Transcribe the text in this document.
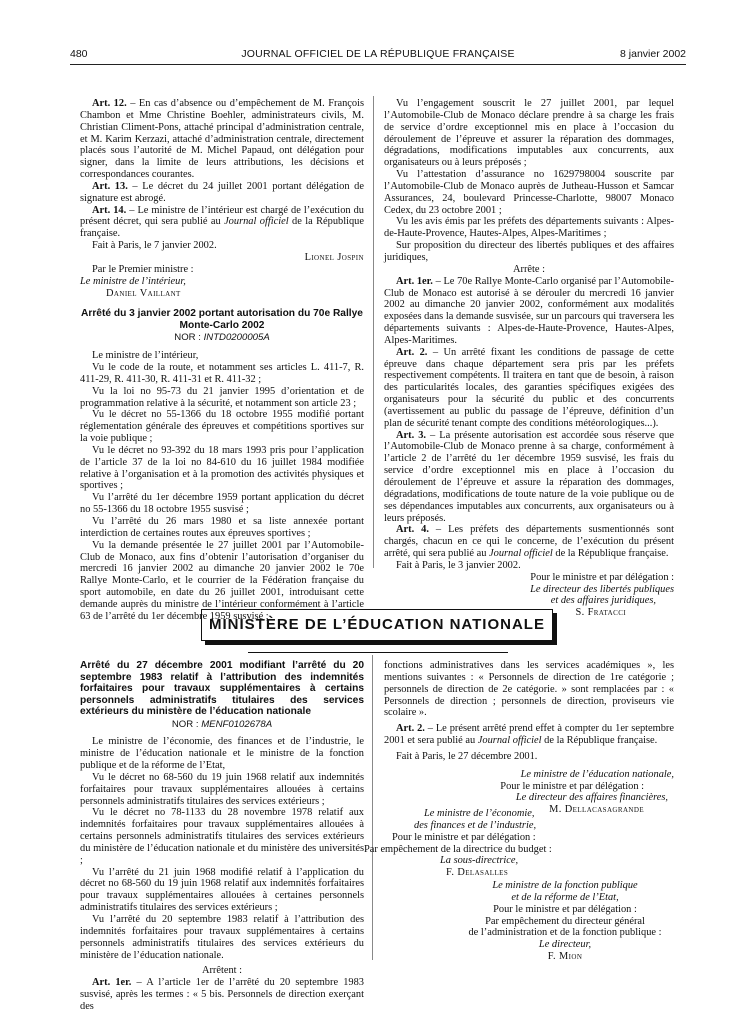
480	JOURNAL OFFICIEL DE LA RÉPUBLIQUE FRANÇAISE	8 janvier 2002

Art. 12. – En cas d’absence ou d’empêchement de M. François Chambon et Mme Christine Boehler, administrateurs civils, M. Christian Climent-Pons, attaché principal d’administration centrale, et M. Karim Kerzazi, attaché d’administration centrale, directement placés sous l’autorité de M. Michel Papaud, ont délégation pour signer, dans la limite de leurs attributions, les décisions et correspondances courantes.

Art. 13. – Le décret du 24 juillet 2001 portant délégation de signature est abrogé.

Art. 14. – Le ministre de l’intérieur est chargé de l’exécution du présent décret, qui sera publié au Journal officiel de la République française.

Fait à Paris, le 7 janvier 2002.

Lionel Jospin

Par le Premier ministre :

Le ministre de l’intérieur,

Daniel Vaillant

Arrêté du 3 janvier 2002 portant autorisation du 70e Rallye Monte-Carlo 2002
NOR : INTD0200005A

Le ministre de l’intérieur,

Vu le code de la route, et notamment ses articles L. 411-7, R. 411-29, R. 411-30, R. 411-31 et R. 411-32 ;

Vu la loi no 95-73 du 21 janvier 1995 d’orientation et de programmation relative à la sécurité, et notamment son article 23 ;

Vu le décret no 55-1366 du 18 octobre 1955 modifié portant réglementation générale des épreuves et compétitions sportives sur la voie publique ;

Vu le décret no 93-392 du 18 mars 1993 pris pour l’application de l’article 37 de la loi no 84-610 du 16 juillet 1984 modifiée relative à l’organisation et à la promotion des activités physiques et sportives ;

Vu l’arrêté du 1er décembre 1959 portant application du décret no 55-1366 du 18 octobre 1955 susvisé ;

Vu l’arrêté du 26 mars 1980 et sa liste annexée portant interdiction de certaines routes aux épreuves sportives ;

Vu la demande présentée le 27 juillet 2001 par l’Automobile-Club de Monaco, aux fins d’obtenir l’autorisation d’organiser du mercredi 16 janvier 2002 au dimanche 20 janvier 2002 le 70e Rallye Monte-Carlo, et le courrier de la Fédération française du sport automobile, en date du 26 juillet 2001, introduisant cette demande auprès du ministre de l’intérieur conformément à l’article 63 de l’arrêté du 1er décembre 1959 susvisé ;

Vu l’engagement souscrit le 27 juillet 2001, par lequel l’Automobile-Club de Monaco déclare prendre à sa charge les frais de service d’ordre exceptionnel mis en place à l’occasion du déroulement de l’épreuve et assurer la réparation des dommages, dégradations, modifications imputables aux concurrents, aux organisateurs ou à leurs préposés ;

Vu l’attestation d’assurance no 1629798004 souscrite par l’Automobile-Club de Monaco auprès de Jutheau-Husson et Samcar Assurances, 24, boulevard Princesse-Charlotte, 98007 Monaco Cedex, du 23 octobre 2001 ;

Vu les avis émis par les préfets des départements suivants : Alpes-de-Haute-Provence, Hautes-Alpes, Alpes-Maritimes ;

Sur proposition du directeur des libertés publiques et des affaires juridiques,

Arrête :

Art. 1er. – Le 70e Rallye Monte-Carlo organisé par l’Automobile-Club de Monaco est autorisé à se dérouler du mercredi 16 janvier 2002 au dimanche 20 janvier 2002, conformément aux modalités exposées dans la demande susvisée, sur un parcours qui traversera les départements suivants : Alpes-de-Haute-Provence, Hautes-Alpes, Alpes-Maritimes.

Art. 2. – Un arrêté fixant les conditions de passage de cette épreuve dans chaque département sera pris par les préfets respectivement compétents. Il traitera en tant que de besoin, à raison des particularités locales, des garanties spécifiques exigées des organisateurs pour la sécurité du public et des concurrents (avertissement au public du passage de l’épreuve, définition d’un plan de sécurité tenant compte des conditions météorologiques...).

Art. 3. – La présente autorisation est accordée sous réserve que l’Automobile-Club de Monaco prenne à sa charge, conformément à l’article 2 de l’arrêté du 1er décembre 1959 susvisé, les frais du service d’ordre exceptionnel mis en place à l’occasion du déroulement de l’épreuve et assure la réparation des dommages, dégradations, modifications de toute nature de la voie publique ou de ses dépendances imputables aux concurrents, aux organisateurs ou à leurs préposés.

Art. 4. – Les préfets des départements susmentionnés sont chargés, chacun en ce qui le concerne, de l’exécution du présent arrêté, qui sera publié au Journal officiel de la République française.

Fait à Paris, le 3 janvier 2002.

Pour le ministre et par délégation :

Le directeur des libertés publiques

et des affaires juridiques,

S. Fratacci

MINISTÈRE DE L’ÉDUCATION NATIONALE
Arrêté du 27 décembre 2001 modifiant l’arrêté du 20 septembre 1983 relatif à l’attribution des indemnités forfaitaires pour travaux supplémentaires à certains personnels administratifs titulaires des services extérieurs du ministère de l’éducation nationale
NOR : MENF0102678A

Le ministre de l’économie, des finances et de l’industrie, le ministre de l’éducation nationale et le ministre de la fonction publique et de la réforme de l’Etat,

Vu le décret no 68-560 du 19 juin 1968 relatif aux indemnités forfaitaires pour travaux supplémentaires allouées à certains personnels administratifs titulaires des services extérieurs ;

Vu le décret no 78-1133 du 28 novembre 1978 relatif aux indemnités forfaitaires pour travaux supplémentaires allouées à certains personnels administratifs titulaires des services extérieurs du ministère de l’éducation nationale et du ministère des universités ;

Vu l’arrêté du 21 juin 1968 modifié relatif à l’application du décret no 68-560 du 19 juin 1968 relatif aux indemnités forfaitaires pour travaux supplémentaires allouées à certaines personnels administratifs titulaires des services extérieurs ;

Vu l’arrêté du 20 septembre 1983 relatif à l’attribution des indemnités forfaitaires pour travaux supplémentaires à certains personnels administratifs titulaires des services extérieurs du ministère de l’éducation nationale.

Arrêtent :

Art. 1er. – A l’article 1er de l’arrêté du 20 septembre 1983 susvisé, après les termes : « 5 bis. Personnels de direction exerçant des

fonctions administratives dans les services académiques », les mentions suivantes : « Personnels de direction de 1re catégorie ; personnels de direction de 2e catégorie. » sont remplacées par : « Personnels de direction ; personnels de direction, proviseurs vie scolaire ».

Art. 2. – Le présent arrêté prend effet à compter du 1er septembre 2001 et sera publié au Journal officiel de la République française.

Fait à Paris, le 27 décembre 2001.

Le ministre de l’éducation nationale,

Pour le ministre et par délégation :

Le directeur des affaires financières,

M. Dellacasagrande

Le ministre de l’économie,

des finances et de l’industrie,

Pour le ministre et par délégation :

Par empêchement de la directrice du budget :

La sous-directrice,

F. Delasalles

Le ministre de la fonction publique

et de la réforme de l’Etat,

Pour le ministre et par délégation :

Par empêchement du directeur général

de l’administration et de la fonction publique :

Le directeur,

F. Mion
